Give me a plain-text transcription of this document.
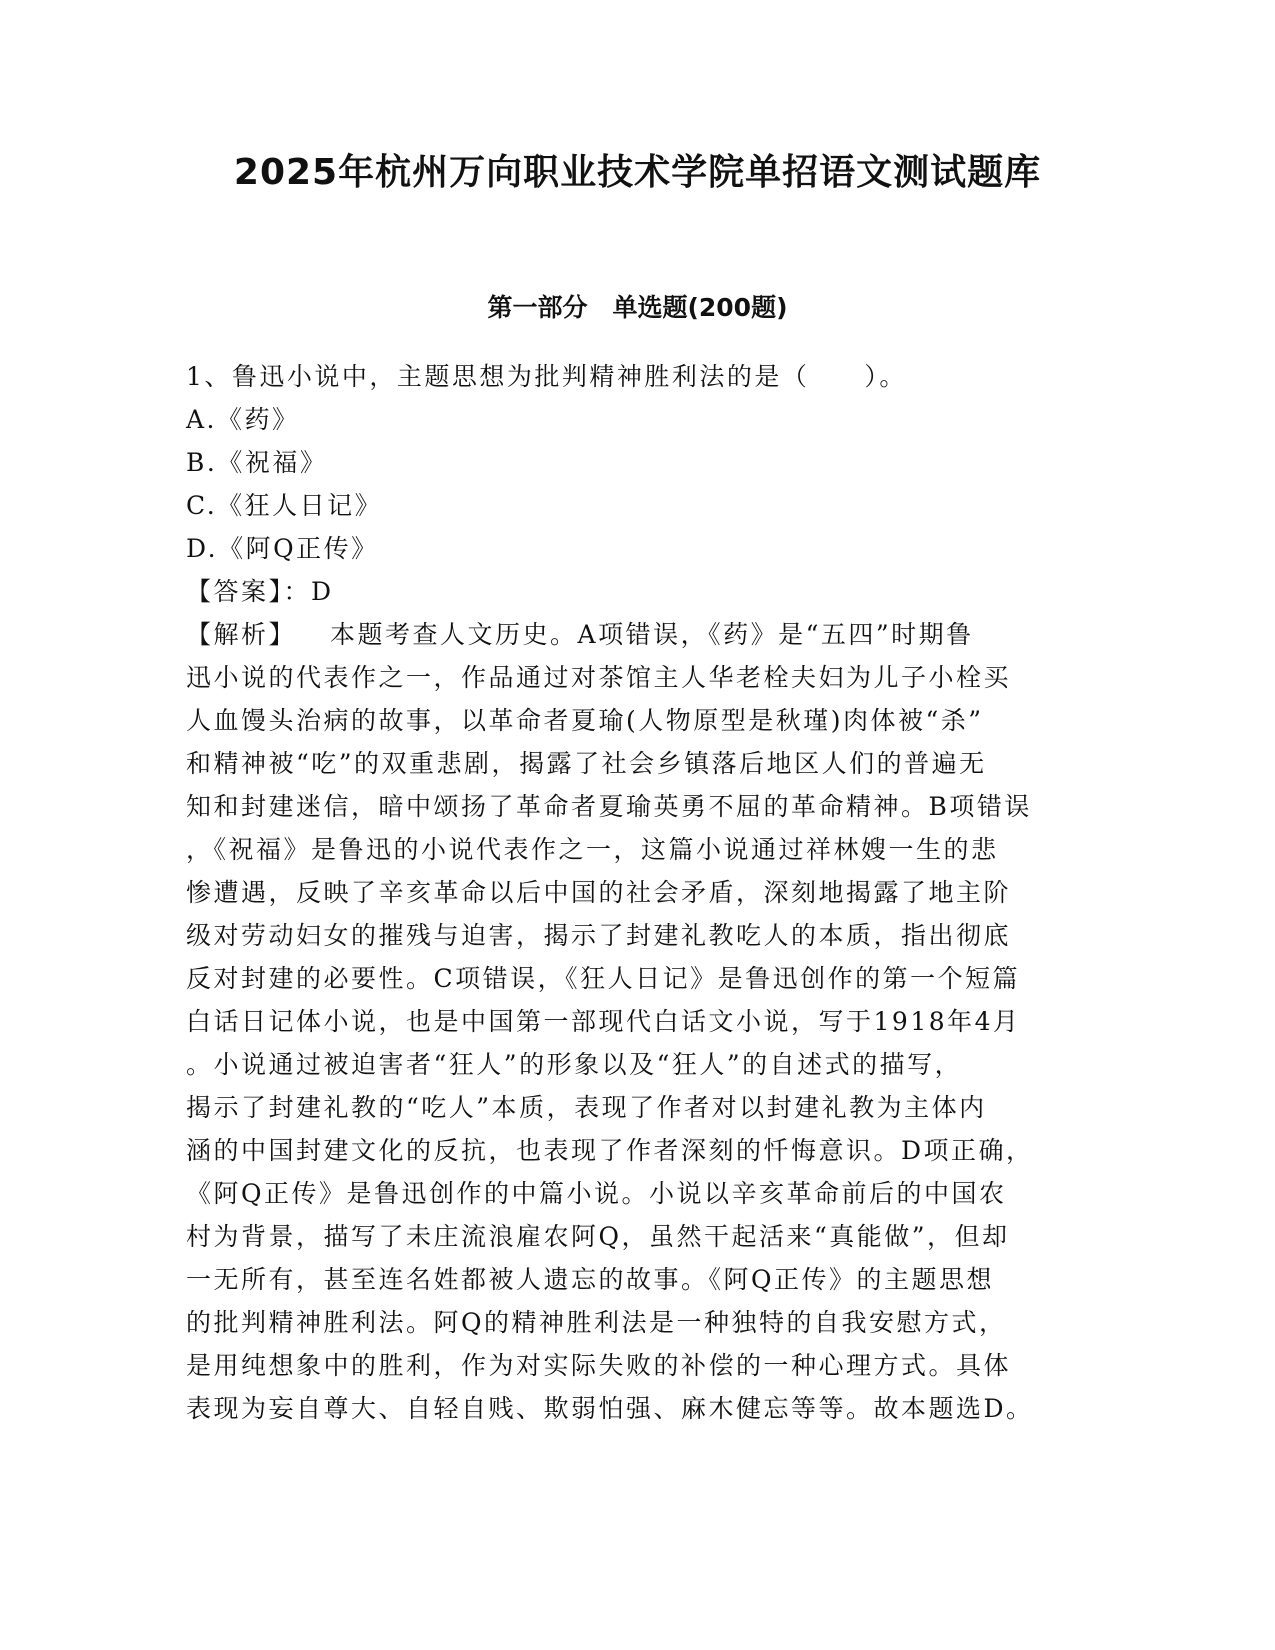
2025年杭州万向职业技术学院单招语文测试题库
第一部分　单选题(200题)

1、鲁迅小说中，主题思想为批判精神胜利法的是（　　）。

A.《药》

B.《祝福》

C.《狂人日记》

D.《阿Q正传》

【答案】：D

【解析】 本题考查人文历史。A项错误，《药》是“五四”时期鲁

迅小说的代表作之一，作品通过对茶馆主人华老栓夫妇为儿子小栓买

人血馒头治病的故事，以革命者夏瑜(人物原型是秋瑾)肉体被“杀”

和精神被“吃”的双重悲剧，揭露了社会乡镇落后地区人们的普遍无

知和封建迷信，暗中颂扬了革命者夏瑜英勇不屈的革命精神。B项错误

，《祝福》是鲁迅的小说代表作之一，这篇小说通过祥林嫂一生的悲

惨遭遇，反映了辛亥革命以后中国的社会矛盾，深刻地揭露了地主阶

级对劳动妇女的摧残与迫害，揭示了封建礼教吃人的本质，指出彻底

反对封建的必要性。C项错误，《狂人日记》是鲁迅创作的第一个短篇

白话日记体小说，也是中国第一部现代白话文小说，写于1918年4月

。小说通过被迫害者“狂人”的形象以及“狂人”的自述式的描写，

揭示了封建礼教的“吃人”本质，表现了作者对以封建礼教为主体内

涵的中国封建文化的反抗，也表现了作者深刻的忏悔意识。D项正确，

《阿Q正传》是鲁迅创作的中篇小说。小说以辛亥革命前后的中国农

村为背景，描写了未庄流浪雇农阿Q，虽然干起活来“真能做”，但却

一无所有，甚至连名姓都被人遗忘的故事。《阿Q正传》的主题思想

的批判精神胜利法。阿Q的精神胜利法是一种独特的自我安慰方式，

是用纯想象中的胜利，作为对实际失败的补偿的一种心理方式。具体

表现为妄自尊大、自轻自贱、欺弱怕强、麻木健忘等等。故本题选D。
